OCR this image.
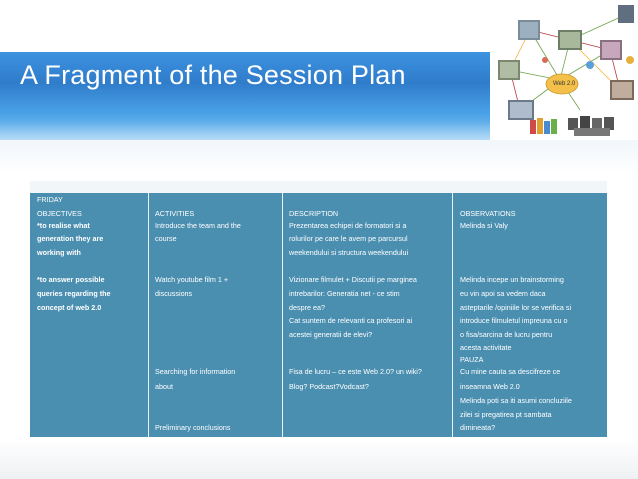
A Fragment of the Session Plan	Web 2.0
FRIDAY
OBJECTIVES
*to realise what
generation they are
working with
*to answer possible
queries regarding the
concept of web 2.0
ACTIVITIES
Introduce the team and the
course
Watch youtube film 1 +
discussions
Searching for information
about
Preliminary conclusions
DESCRIPTION
Prezentarea echipei de formatori si a
rolurilor pe care le avem pe parcursul
weekendului si structura weekendului
Vizionare filmulet + Discutii pe marginea
intrebarilor: Generatia net - ce stim
despre ea?
Cat suntem de relevanti ca profesori ai
acestei generatii de elevi?
Fisa de lucru – ce este Web 2.0? un wiki?
Blog? Podcast?Vodcast?
OBSERVATIONS
Melinda si Valy
Melinda incepe un brainstorming
eu vin apoi sa vedem daca
asteptarile /opiniile lor se verifica si
introduce filmuletul impreuna cu o
o fisa/sarcina de lucru pentru
acesta activitate
PAUZA
Cu mine cauta sa descifreze ce
inseamna Web 2.0
Melinda poti sa iti asumi concluziile
zilei si pregatirea pt sambata
dimineata?
